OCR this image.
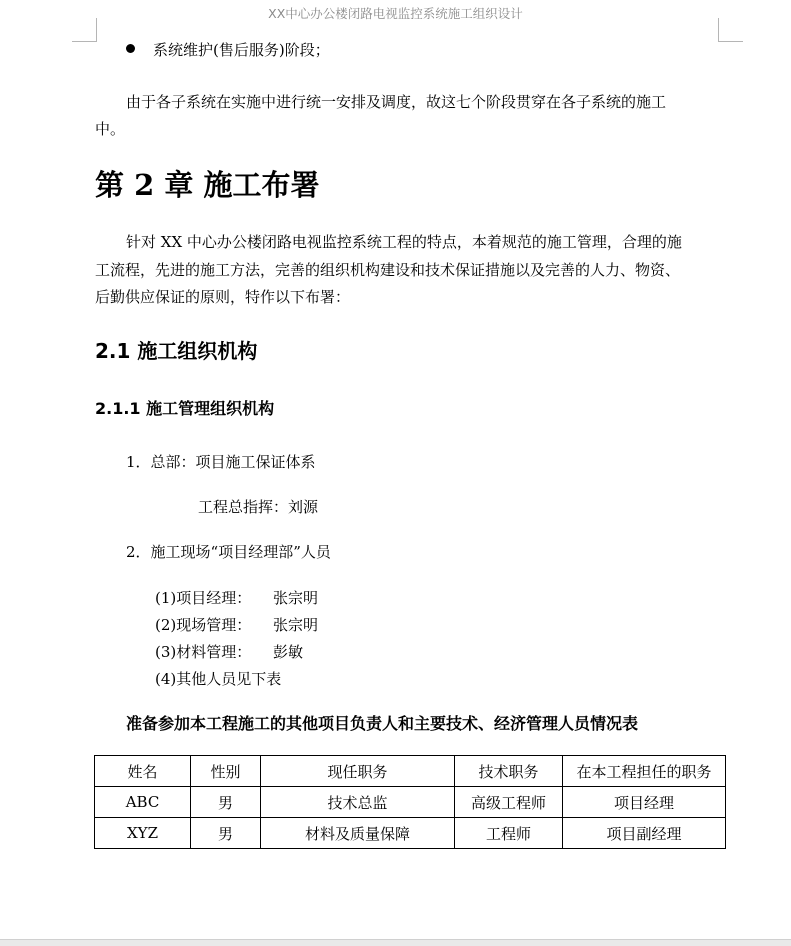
XX中心办公楼闭路电视监控系统施工组织设计
系统维护(售后服务)阶段；
由于各子系统在实施中进行统一安排及调度，故这七个阶段贯穿在各子系统的施工
中。
第 2 章 施工布署
针对 XX 中心办公楼闭路电视监控系统工程的特点，本着规范的施工管理，合理的施
工流程，先进的施工方法，完善的组织机构建设和技术保证措施以及完善的人力、物资、
后勤供应保证的原则，特作以下布署：
2.1 施工组织机构
2.1.1 施工管理组织机构
1．总部：项目施工保证体系
工程总指挥：刘源
2．施工现场“项目经理部”人员
(1)项目经理： 张宗明
(2)现场管理： 张宗明
(3)材料管理： 彭敏
(4)其他人员见下表
准备参加本工程施工的其他项目负责人和主要技术、经济管理人员情况表
姓名	性别	现任职务	技术职务	在本工程担任的职务
ABC	男	技术总监	高级工程师	项目经理
XYZ	男	材料及质量保障	工程师	项目副经理
